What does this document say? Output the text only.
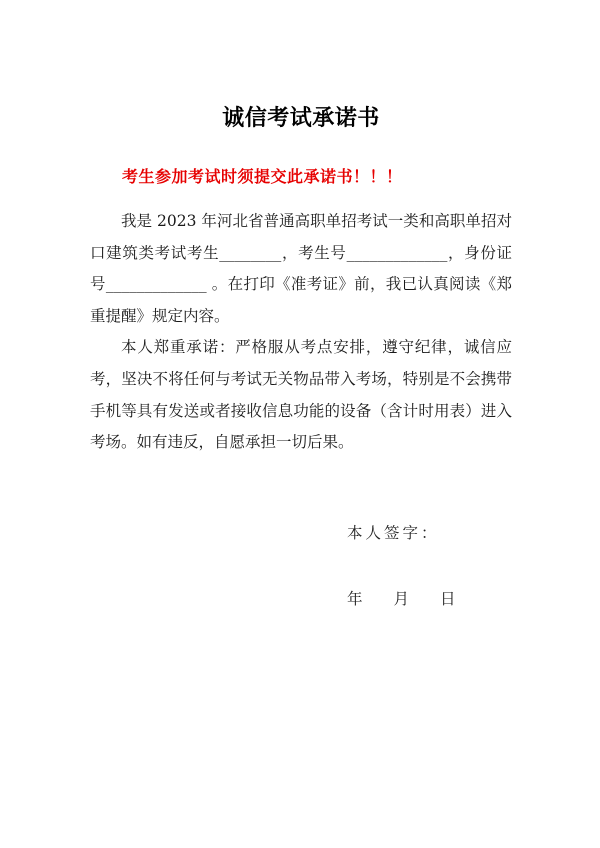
诚信考试承诺书
考生参加考试时须提交此承诺书！！！

我是 2023 年河北省普通高职单招考试一类和高职单招对口建筑类考试考生________，考生号_____________，身份证号_____________ 。在打印《准考证》前，我已认真阅读《郑重提醒》规定内容。

本人郑重承诺：严格服从考点安排，遵守纪律，诚信应考，坚决不将任何与考试无关物品带入考场，特别是不会携带手机等具有发送或者接收信息功能的设备（含计时用表）进入考场。如有违反，自愿承担一切后果。

本人签字：
年　　月　　日
